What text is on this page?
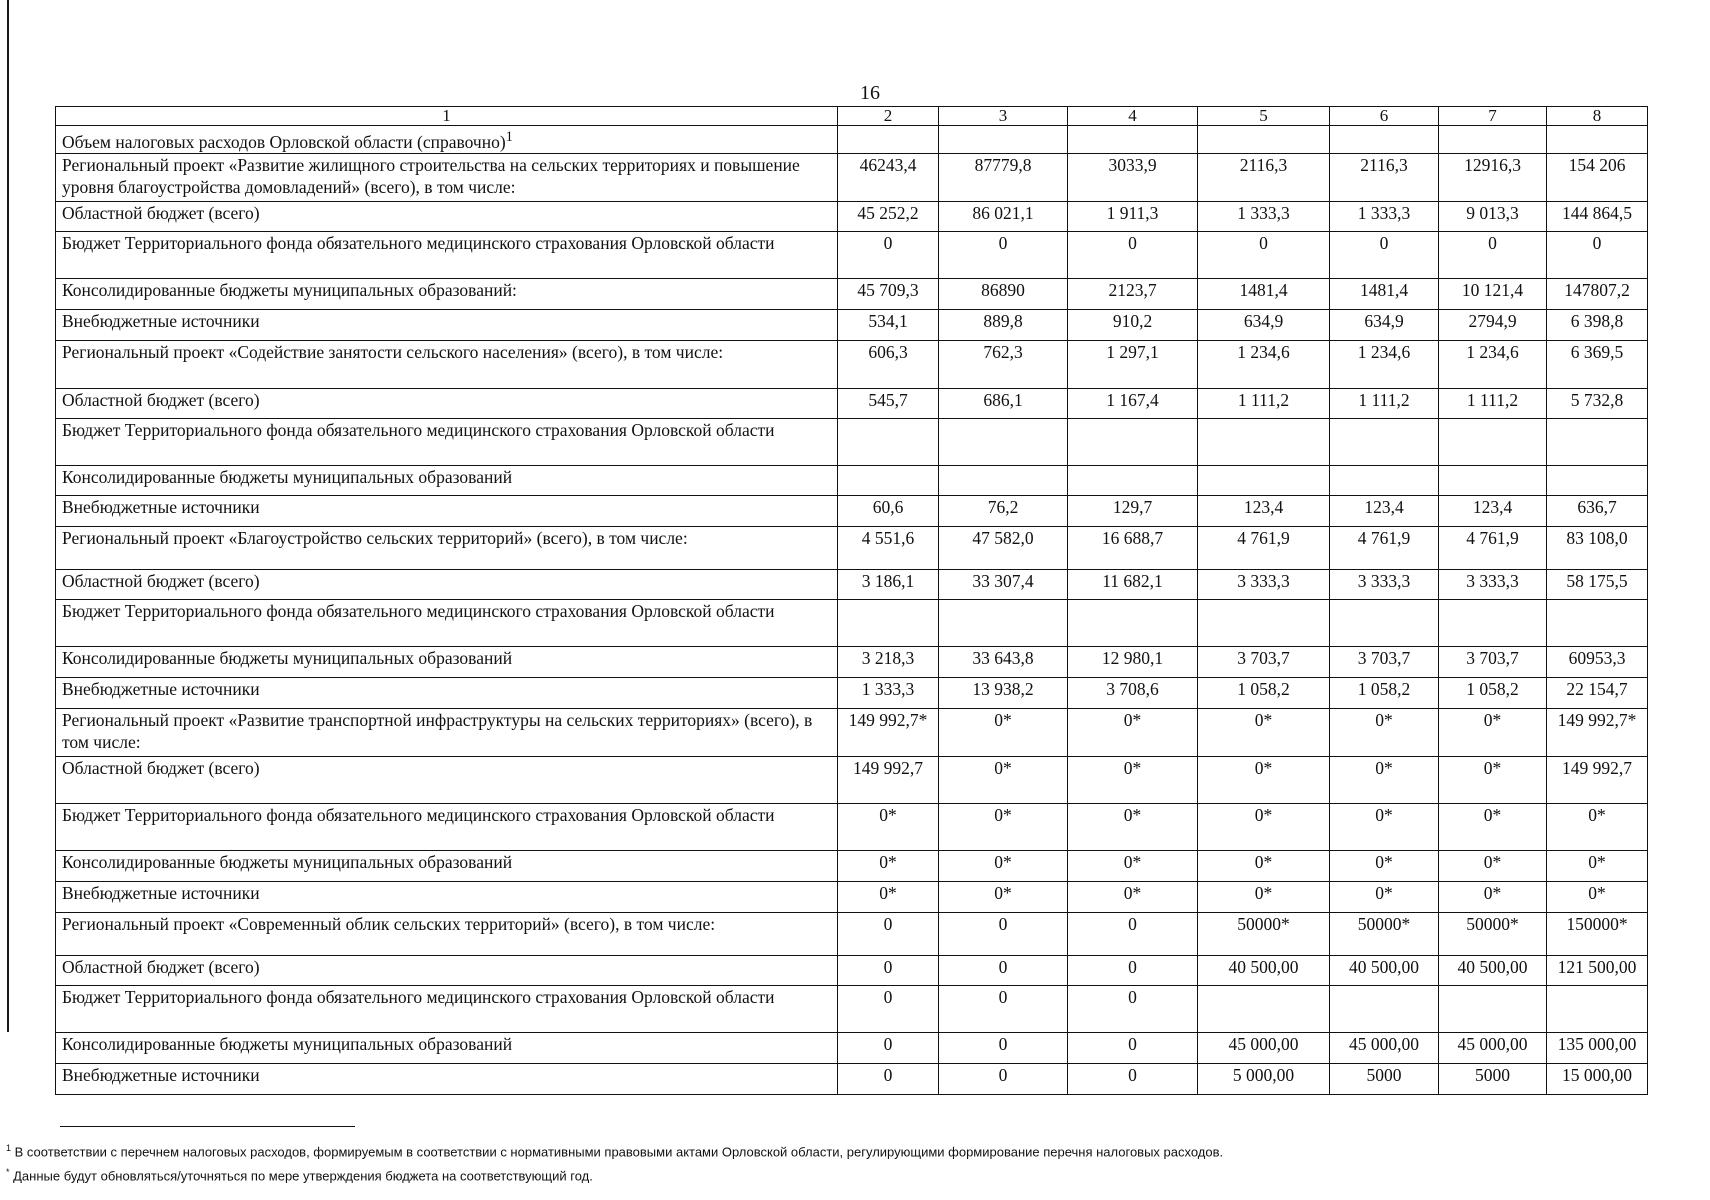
16
1	2	3	4	5	6	7	8
Объем налоговых расходов Орловской области (справочно)$^1$							
Региональный проект «Развитие жилищного строительства на сельских территориях и повышение уровня благоустройства домовладений» (всего), в том числе:	46243,4	87779,8	3033,9	2116,3	2116,3	12916,3	154 206
Областной бюджет (всего)	45 252,2	86 021,1	1 911,3	1 333,3	1 333,3	9 013,3	144 864,5
Бюджет Территориального фонда обязательного медицинского страхования Орловской области	0	0	0	0	0	0	0
Консолидированные бюджеты муниципальных образований:	45 709,3	86890	2123,7	1481,4	1481,4	10 121,4	147807,2
Внебюджетные источники	534,1	889,8	910,2	634,9	634,9	2794,9	6 398,8
Региональный проект «Содействие занятости сельского населения» (всего), в том числе:	606,3	762,3	1 297,1	1 234,6	1 234,6	1 234,6	6 369,5
Областной бюджет (всего)	545,7	686,1	1 167,4	1 111,2	1 111,2	1 111,2	5 732,8
Бюджет Территориального фонда обязательного медицинского страхования Орловской области							
Консолидированные бюджеты муниципальных образований							
Внебюджетные источники	60,6	76,2	129,7	123,4	123,4	123,4	636,7
Региональный проект «Благоустройство сельских территорий» (всего), в том числе:	4 551,6	47 582,0	16 688,7	4 761,9	4 761,9	4 761,9	83 108,0
Областной бюджет (всего)	3 186,1	33 307,4	11 682,1	3 333,3	3 333,3	3 333,3	58 175,5
Бюджет Территориального фонда обязательного медицинского страхования Орловской области							
Консолидированные бюджеты муниципальных образований	3 218,3	33 643,8	12 980,1	3 703,7	3 703,7	3 703,7	60953,3
Внебюджетные источники	1 333,3	13 938,2	3 708,6	1 058,2	1 058,2	1 058,2	22 154,7
Региональный проект «Развитие транспортной инфраструктуры на сельских территориях» (всего), в том числе:	149 992,7*	0*	0*	0*	0*	0*	149 992,7*
Областной бюджет (всего)	149 992,7	0*	0*	0*	0*	0*	149 992,7
Бюджет Территориального фонда обязательного медицинского страхования Орловской области	0*	0*	0*	0*	0*	0*	0*
Консолидированные бюджеты муниципальных образований	0*	0*	0*	0*	0*	0*	0*
Внебюджетные источники	0*	0*	0*	0*	0*	0*	0*
Региональный проект «Современный облик сельских территорий» (всего), в том числе:	0	0	0	50000*	50000*	50000*	150000*
Областной бюджет (всего)	0	0	0	40 500,00	40 500,00	40 500,00	121 500,00
Бюджет Территориального фонда обязательного медицинского страхования Орловской области	0	0	0				
Консолидированные бюджеты муниципальных образований	0	0	0	45 000,00	45 000,00	45 000,00	135 000,00
Внебюджетные источники	0	0	0	5 000,00	5000	5000	15 000,00

$^1$ В соответствии с перечнем налоговых расходов, формируемым в соответствии с нормативными правовыми актами Орловской области, регулирующими формирование перечня налоговых расходов.

* Данные будут обновляться/уточняться по мере утверждения бюджета на соответствующий год.
